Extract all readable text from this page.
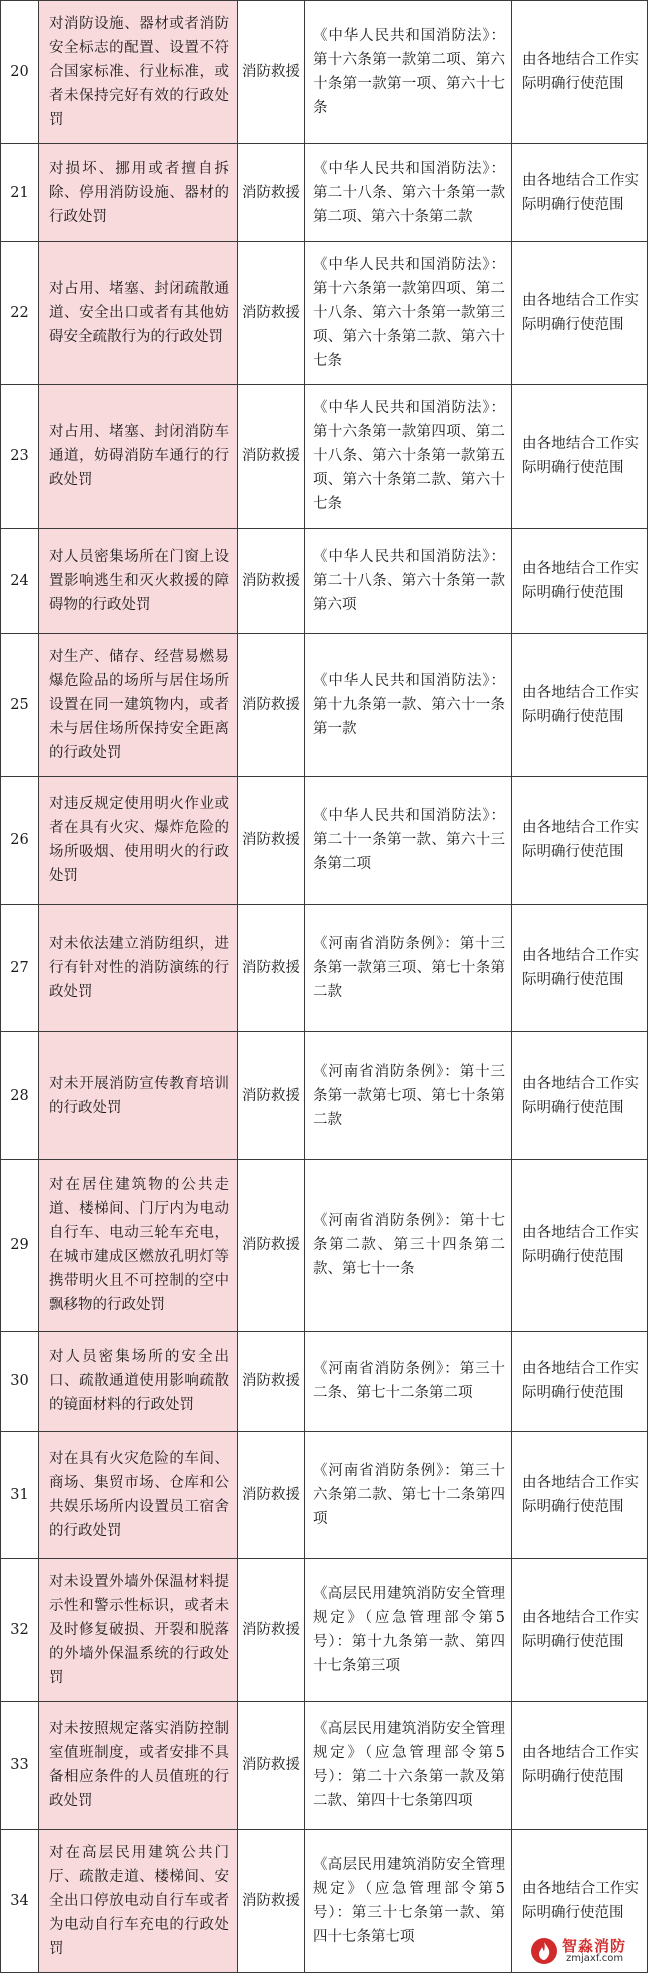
20	对消防设施、器材或者消防安全标志的配置、设置不符合国家标准、行业标准，或者未保持完好有效的行政处罚	消防救援	《中华人民共和国消防法》：第十六条第一款第二项、第六十条第一款第一项、第六十七条	由各地结合工作实际明确行使范围

21	对损坏、挪用或者擅自拆除、停用消防设施、器材的行政处罚	消防救援	《中华人民共和国消防法》：第二十八条、第六十条第一款第二项、第六十条第二款	由各地结合工作实际明确行使范围

22	对占用、堵塞、封闭疏散通道、安全出口或者有其他妨碍安全疏散行为的行政处罚	消防救援	《中华人民共和国消防法》：第十六条第一款第四项、第二十八条、第六十条第一款第三项、第六十条第二款、第六十七条	由各地结合工作实际明确行使范围

23	对占用、堵塞、封闭消防车通道，妨碍消防车通行的行政处罚	消防救援	《中华人民共和国消防法》：第十六条第一款第四项、第二十八条、第六十条第一款第五项、第六十条第二款、第六十七条	由各地结合工作实际明确行使范围

24	对人员密集场所在门窗上设置影响逃生和灭火救援的障碍物的行政处罚	消防救援	《中华人民共和国消防法》：第二十八条、第六十条第一款第六项	由各地结合工作实际明确行使范围

25	对生产、储存、经营易燃易爆危险品的场所与居住场所设置在同一建筑物内，或者未与居住场所保持安全距离的行政处罚	消防救援	《中华人民共和国消防法》：第十九条第一款、第六十一条第一款	由各地结合工作实际明确行使范围

26	对违反规定使用明火作业或者在具有火灾、爆炸危险的场所吸烟、使用明火的行政处罚	消防救援	《中华人民共和国消防法》：第二十一条第一款、第六十三条第二项	由各地结合工作实际明确行使范围

27	对未依法建立消防组织，进行有针对性的消防演练的行政处罚	消防救援	《河南省消防条例》：第十三条第一款第三项、第七十条第二款	由各地结合工作实际明确行使范围

28	对未开展消防宣传教育培训的行政处罚	消防救援	《河南省消防条例》：第十三条第一款第七项、第七十条第二款	由各地结合工作实际明确行使范围

29	对在居住建筑物的公共走道、楼梯间、门厅内为电动自行车、电动三轮车充电，在城市建成区燃放孔明灯等携带明火且不可控制的空中飘移物的行政处罚	消防救援	《河南省消防条例》：第十七条第二款、第三十四条第二款、第七十一条	由各地结合工作实际明确行使范围

30	对人员密集场所的安全出口、疏散通道使用影响疏散的镜面材料的行政处罚	消防救援	《河南省消防条例》：第三十二条、第七十二条第二项	由各地结合工作实际明确行使范围

31	对在具有火灾危险的车间、商场、集贸市场、仓库和公共娱乐场所内设置员工宿舍的行政处罚	消防救援	《河南省消防条例》：第三十六条第二款、第七十二条第四项	由各地结合工作实际明确行使范围

32	对未设置外墙外保温材料提示性和警示性标识，或者未及时修复破损、开裂和脱落的外墙外保温系统的行政处罚	消防救援	《高层民用建筑消防安全管理规定》（应急管理部令第5号）：第十九条第一款、第四十七条第三项	由各地结合工作实际明确行使范围

33	对未按照规定落实消防控制室值班制度，或者安排不具备相应条件的人员值班的行政处罚	消防救援	《高层民用建筑消防安全管理规定》（应急管理部令第5号）：第二十六条第一款及第二款、第四十七条第四项	由各地结合工作实际明确行使范围

34	对在高层民用建筑公共门厅、疏散走道、楼梯间、安全出口停放电动自行车或者为电动自行车充电的行政处罚	消防救援	《高层民用建筑消防安全管理规定》（应急管理部令第5号）：第三十七条第一款、第四十七条第七项	由各地结合工作实际明确行使范围
智淼消防
zmjaxf.com
